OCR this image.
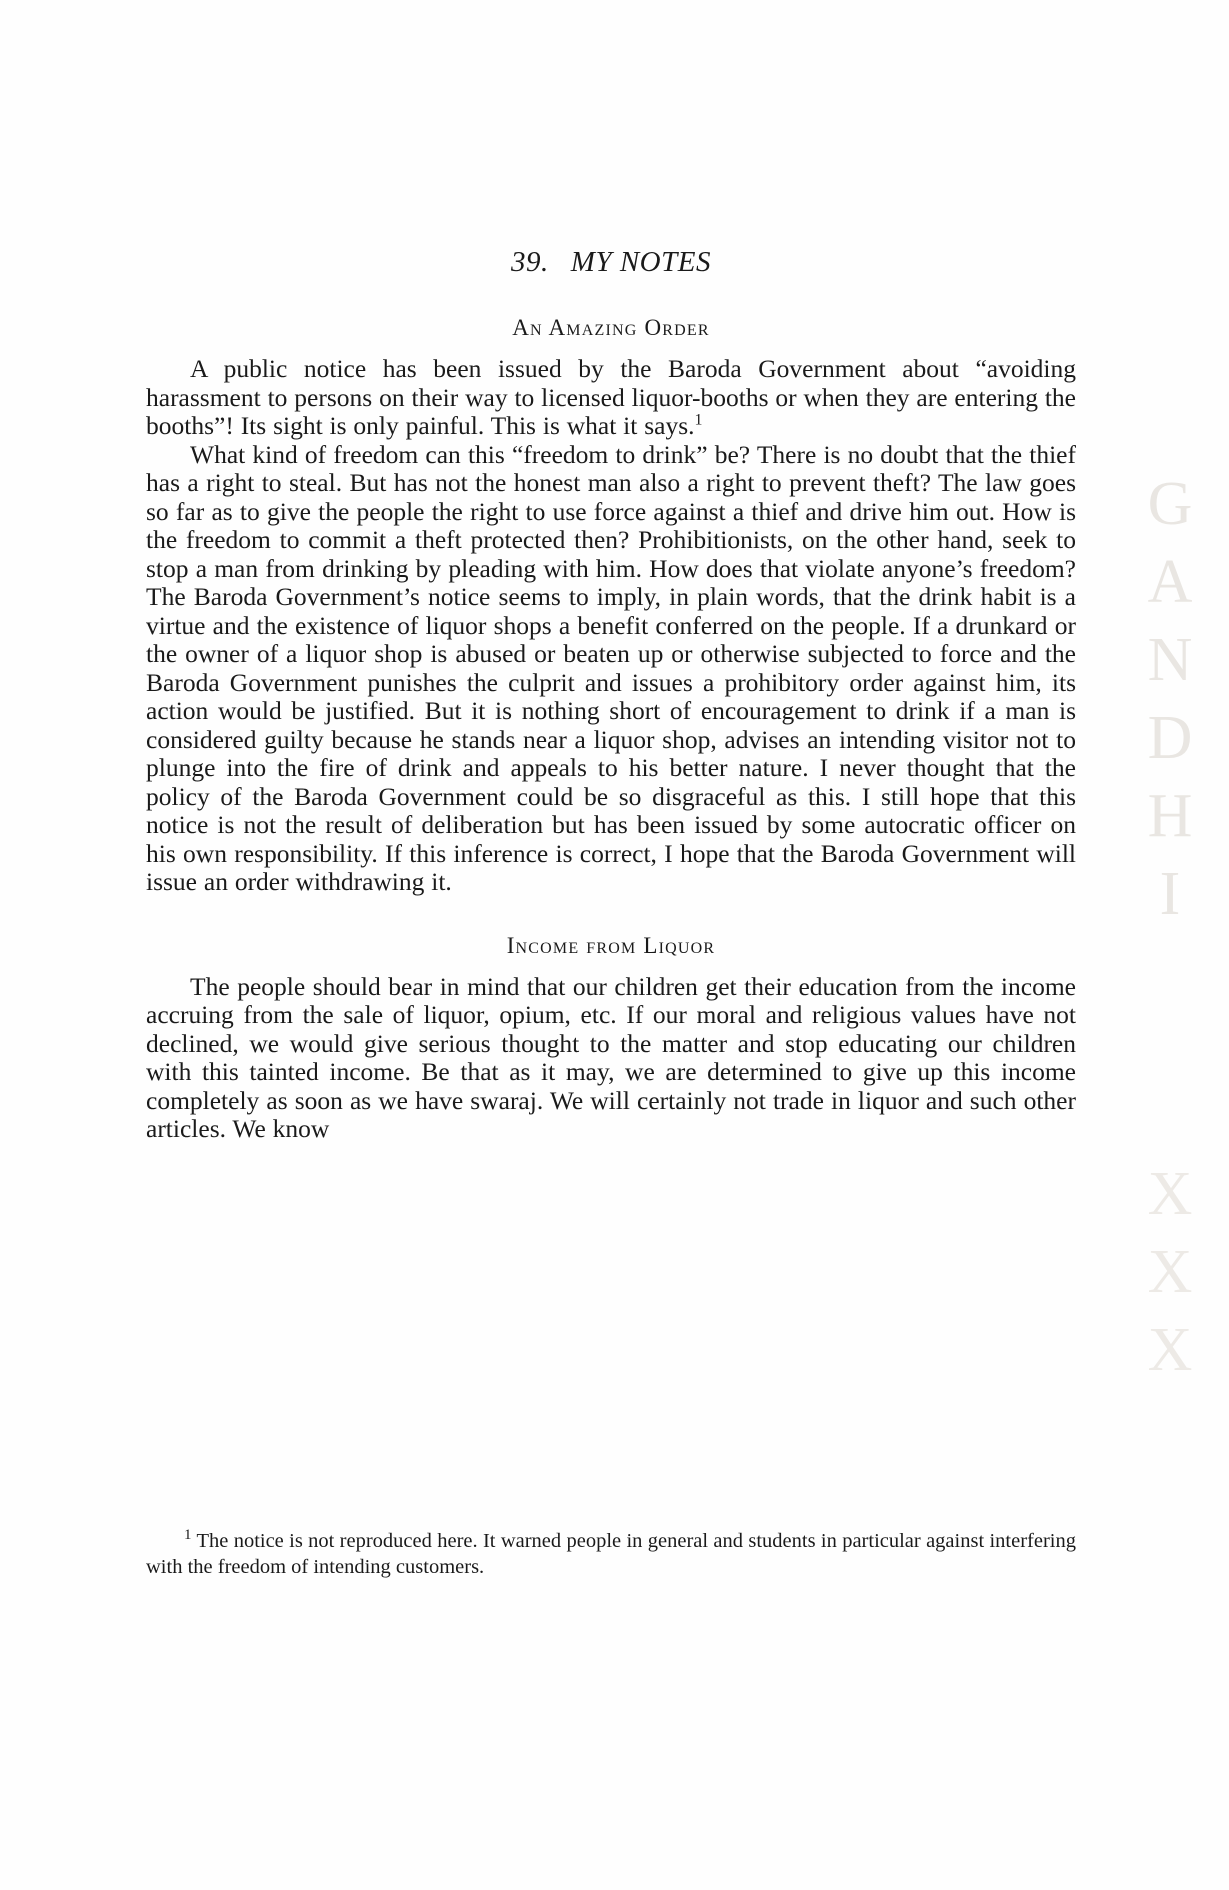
GANDHI
XXX
39. MY NOTES
An Amazing Order

A public notice has been issued by the Baroda Government about “avoiding harassment to persons on their way to licensed liquor-booths or when they are entering the booths”! Its sight is only painful. This is what it says.$^1$

What kind of freedom can this “freedom to drink” be? There is no doubt that the thief has a right to steal. But has not the honest man also a right to prevent theft? The law goes so far as to give the people the right to use force against a thief and drive him out. How is the freedom to commit a theft protected then? Prohibitionists, on the other hand, seek to stop a man from drinking by pleading with him. How does that violate anyone’s freedom? The Baroda Government’s notice seems to imply, in plain words, that the drink habit is a virtue and the existence of liquor shops a benefit conferred on the people. If a drunkard or the owner of a liquor shop is abused or beaten up or otherwise subjected to force and the Baroda Government punishes the culprit and issues a prohibitory order against him, its action would be justified. But it is nothing short of encouragement to drink if a man is considered guilty because he stands near a liquor shop, advises an intending visitor not to plunge into the fire of drink and appeals to his better nature. I never thought that the policy of the Baroda Government could be so disgraceful as this. I still hope that this notice is not the result of deliberation but has been issued by some autocratic officer on his own responsibility. If this inference is correct, I hope that the Baroda Government will issue an order withdrawing it.

Income from Liquor

The people should bear in mind that our children get their education from the income accruing from the sale of liquor, opium, etc. If our moral and religious values have not declined, we would give serious thought to the matter and stop educating our children with this tainted income. Be that as it may, we are determined to give up this income completely as soon as we have swaraj. We will certainly not trade in liquor and such other articles. We know

$^1$ The notice is not reproduced here. It warned people in general and students in particular against interfering with the freedom of intending customers.
